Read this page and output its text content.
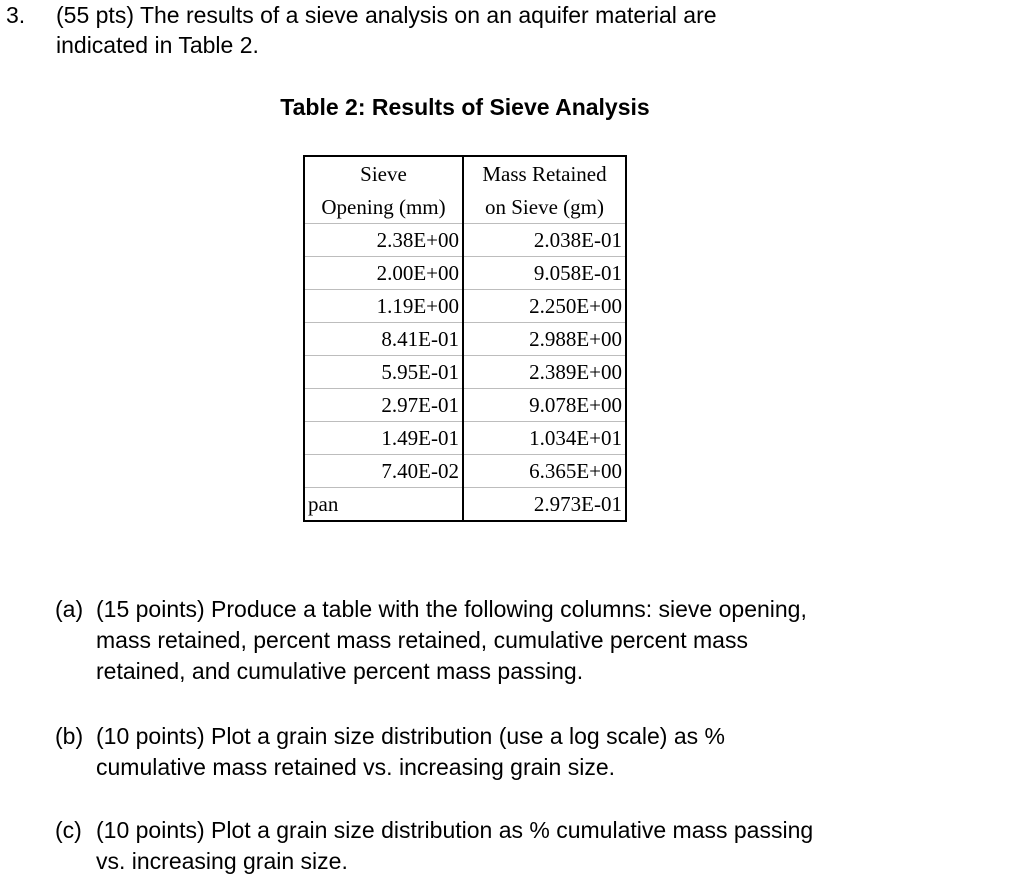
3. (55 pts) The results of a sieve analysis on an aquifer material are
indicated in Table 2.
Table 2: Results of Sieve Analysis
Sieve	Mass Retained
Opening (mm)	on Sieve (gm)
2.38E+00	2.038E-01
2.00E+00	9.058E-01
1.19E+00	2.250E+00
8.41E-01	2.988E+00
5.95E-01	2.389E+00
2.97E-01	9.078E+00
1.49E-01	1.034E+01
7.40E-02	6.365E+00
pan	2.973E-01
(a) (15 points) Produce a table with the following columns: sieve opening,
mass retained, percent mass retained, cumulative percent mass
retained, and cumulative percent mass passing.
(b) (10 points) Plot a grain size distribution (use a log scale) as %
cumulative mass retained vs. increasing grain size.
(c) (10 points) Plot a grain size distribution as % cumulative mass passing
vs. increasing grain size.
